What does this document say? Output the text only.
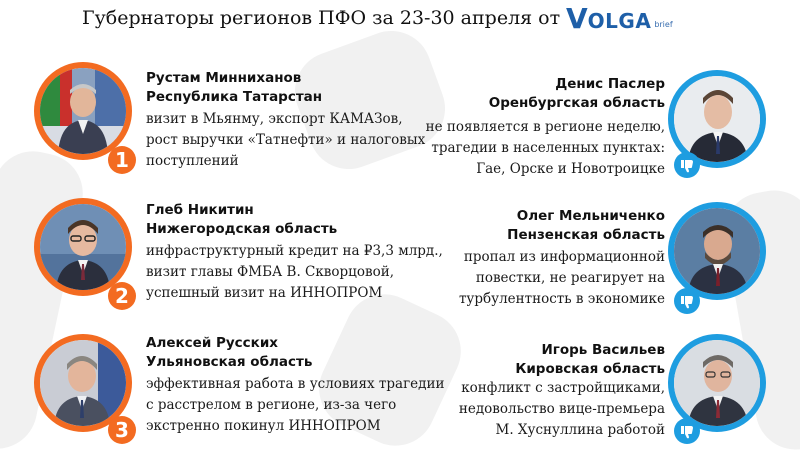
Губернаторы регионов ПФО за 23-30 апреля от V OLGA brief
1
Рустам Минниханов
Республика Татарстан
визит в Мьянму, экспорт КАМАЗов,
рост выручки «Татнефти» и налоговых
поступлений
2
Глеб Никитин
Нижегородская область
инфраструктурный кредит на ₽3,3 млрд.,
визит главы ФМБА В. Скворцовой,
успешный визит на ИННОПРОМ
3
Алексей Русских
Ульяновская область
эффективная работа в условиях трагедии
с расстрелом в регионе, из-за чего
экстренно покинул ИННОПРОМ
Денис Паслер
Оренбургская область
не появляется в регионе неделю,
трагедии в населенных пунктах:
Гае, Орске и Новотроицке
Олег Мельниченко
Пензенская область
пропал из информационной
повестки, не реагирует на
турбулентность в экономике
Игорь Васильев
Кировская область
конфликт с застройщиками,
недовольство вице-премьера
М. Хуснуллина работой
